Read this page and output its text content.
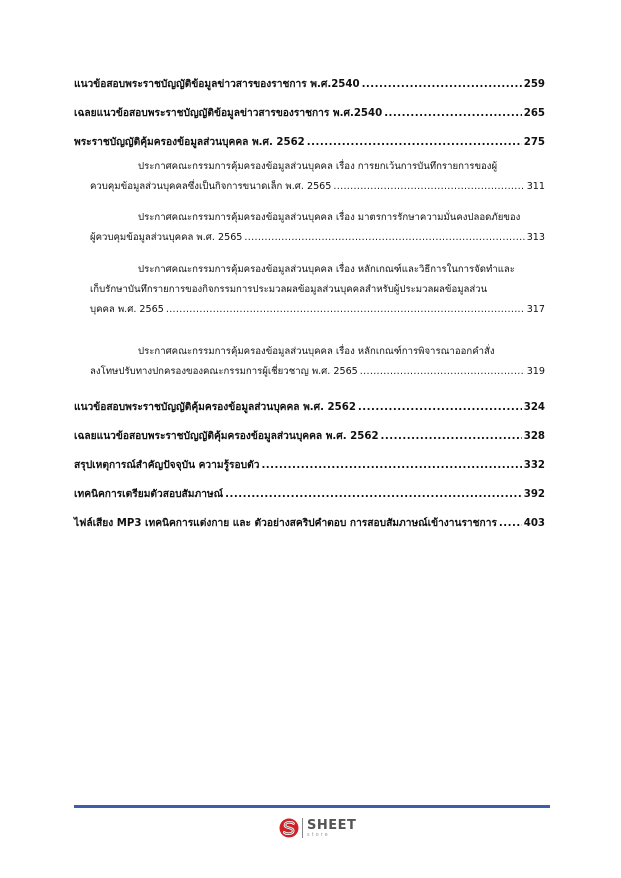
แนวข้อสอบพระราชบัญญัติข้อมูลข่าวสารของราชการ พ.ศ.2540 .....	259
เฉลยแนวข้อสอบพระราชบัญญัติข้อมูลข่าวสารของราชการ พ.ศ.2540 .....	265
พระราชบัญญัติคุ้มครองข้อมูลส่วนบุคคล พ.ศ. 2562 .....	275
ประกาศคณะกรรมการคุ้มครองข้อมูลส่วนบุคคล เรื่อง การยกเว้นการบันทึกรายการของผู้
ควบคุมข้อมูลส่วนบุคคลซึ่งเป็นกิจการขนาดเล็ก พ.ศ. 2565 .....	311
ประกาศคณะกรรมการคุ้มครองข้อมูลส่วนบุคคล เรื่อง มาตรการรักษาความมั่นคงปลอดภัยของ
ผู้ควบคุมข้อมูลส่วนบุคคล พ.ศ. 2565 .....	313
ประกาศคณะกรรมการคุ้มครองข้อมูลส่วนบุคคล เรื่อง หลักเกณฑ์และวิธีการในการจัดทำและ
เก็บรักษาบันทึกรายการของกิจกรรมการประมวลผลข้อมูลส่วนบุคคลสำหรับผู้ประมวลผลข้อมูลส่วน
บุคคล พ.ศ. 2565 .....	317
ประกาศคณะกรรมการคุ้มครองข้อมูลส่วนบุคคล เรื่อง หลักเกณฑ์การพิจารณาออกคำสั่ง
ลงโทษปรับทางปกครองของคณะกรรมการผู้เชี่ยวชาญ พ.ศ. 2565 .....	319
แนวข้อสอบพระราชบัญญัติคุ้มครองข้อมูลส่วนบุคคล พ.ศ. 2562 .....	324
เฉลยแนวข้อสอบพระราชบัญญัติคุ้มครองข้อมูลส่วนบุคคล พ.ศ. 2562 .....	328
สรุปเหตุการณ์สำคัญปัจจุบัน ความรู้รอบตัว .....	332
เทคนิคการเตรียมตัวสอบสัมภาษณ์ .....	392
ไฟล์เสียง MP3 เทคนิคการแต่งกาย และ ตัวอย่างสคริปคำตอบ การสอบสัมภาษณ์เข้างานราชการ .....	403
SHEET
store
